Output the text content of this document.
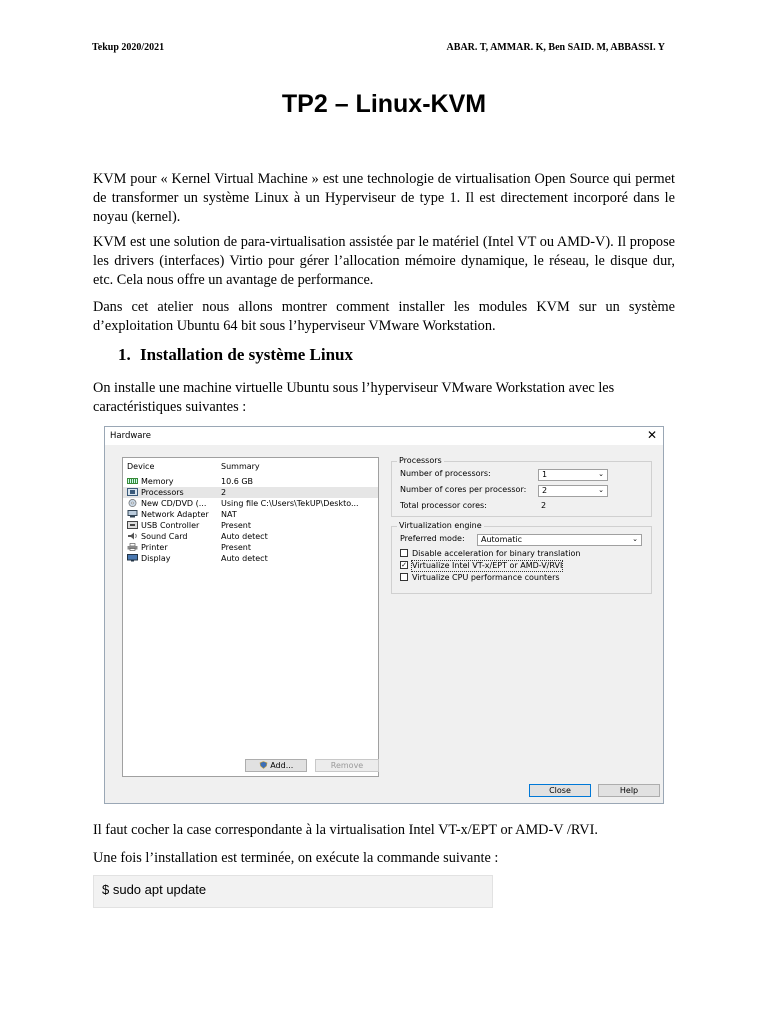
Tekup 2020/2021	ABAR. T, AMMAR. K, Ben SAID. M, ABBASSI. Y
TP2 – Linux-KVM
KVM pour « Kernel Virtual Machine » est une technologie de virtualisation Open Source qui permet de transformer un système Linux à un Hyperviseur de type 1. Il est directement incorporé dans le noyau (kernel).
KVM est une solution de para-virtualisation assistée par le matériel (Intel VT ou AMD-V). Il propose les drivers (interfaces) Virtio pour gérer l’allocation mémoire dynamique, le réseau, le disque dur, etc. Cela nous offre un avantage de performance.
Dans cet atelier nous allons montrer comment installer les modules KVM sur un système d’exploitation Ubuntu 64 bit sous l’hyperviseur VMware Workstation.
1. Installation de système Linux
On installe une machine virtuelle Ubuntu sous l’hyperviseur VMware Workstation avec les caractéristiques suivantes :
Hardware	✕
Device	Summary
Memory	10.6 GB
Processors	2
New CD/DVD (... Using file C:\Users\TekUP\Deskto...
Network Adapter NAT
USB Controller	Present
Sound Card	Auto detect
Printer	Present
Display	Auto detect
Add...	Remove
Processors
Number of processors:	1	⌄
Number of cores per processor:	2	⌄
Total processor cores:	2
Virtualization engine
Preferred mode:	Automatic	⌄
Disable acceleration for binary translation
✓ Virtualize Intel VT-x/EPT or AMD-V/RVI
Virtualize CPU performance counters
Close	Help
Il faut cocher la case correspondante à la virtualisation Intel VT-x/EPT or AMD-V /RVI.
Une fois l’installation est terminée, on exécute la commande suivante :
$ sudo apt update
